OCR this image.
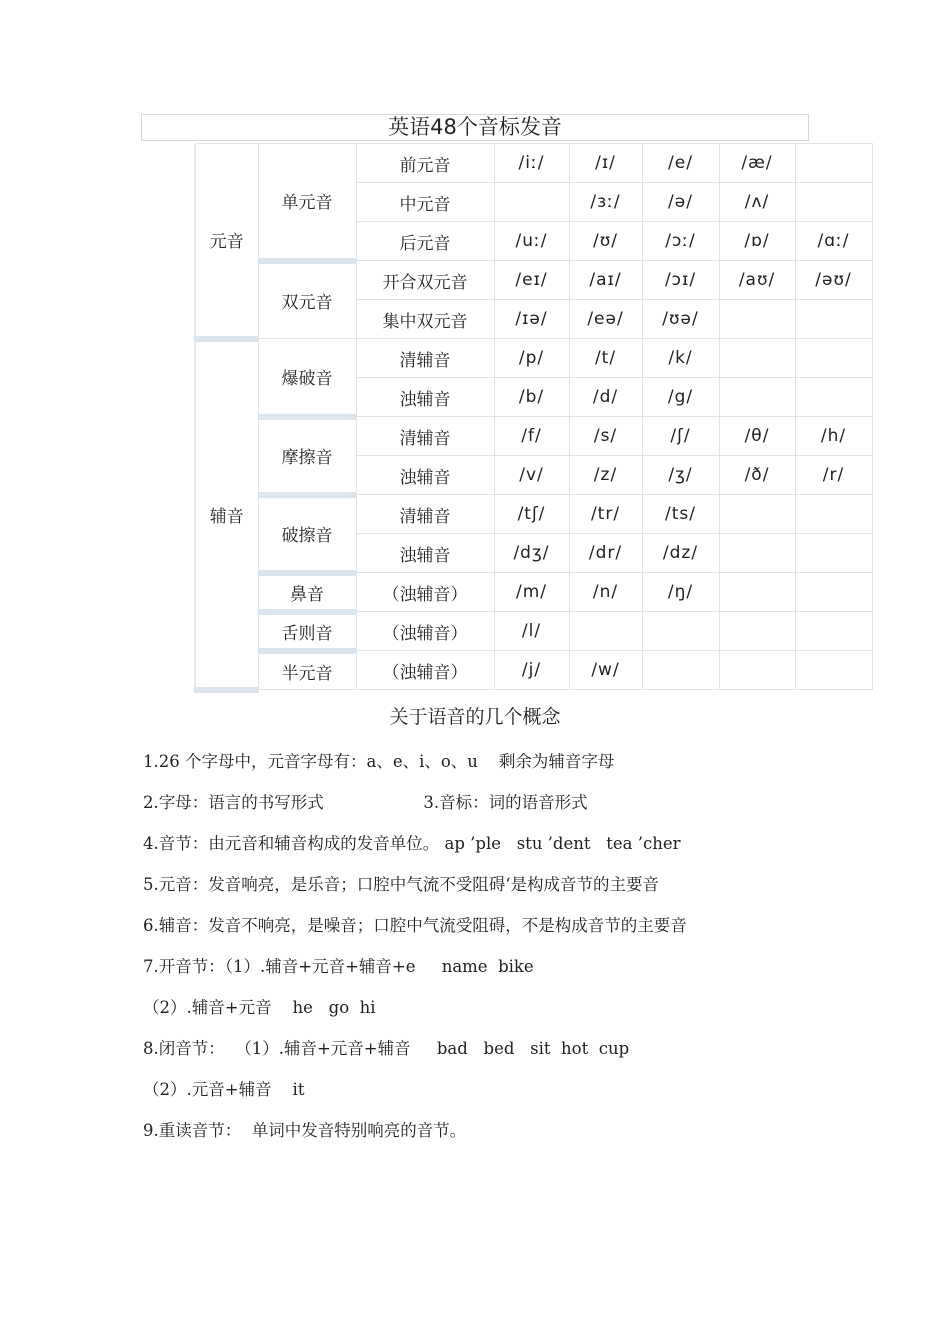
英语48个音标发音
元音	单元音	前元音	/iː/	/ɪ/	/e/	/æ/	
		中元音		/ɜː/	/ə/	/ʌ/	
		后元音	/uː/	/ʊ/	/ɔː/	/ɒ/	/ɑː/
	双元音	开合双元音	/eɪ/	/aɪ/	/ɔɪ/	/aʊ/	/əʊ/
		集中双元音	/ɪə/	/eə/	/ʊə/		
辅音	爆破音	清辅音	/p/	/t/	/k/		
		浊辅音	/b/	/d/	/g/		
	摩擦音	清辅音	/f/	/s/	/ʃ/	/θ/	/h/
		浊辅音	/v/	/z/	/ʒ/	/ð/	/r/
	破擦音	清辅音	/tʃ/	/tr/	/ts/		
		浊辅音	/dʒ/	/dr/	/dz/		
	鼻音	（浊辅音）	/m/	/n/	/ŋ/		
	舌则音	（浊辅音）	/l/				
	半元音	（浊辅音）	/j/	/w/			
关于语音的几个概念
1.26 个字母中，元音字母有：a、e、i、o、u    剩余为辅音字母
2.字母：语言的书写形式                   3.音标：词的语音形式
4.音节：由元音和辅音构成的发音单位。 ap ’ple   stu ’dent   tea ’cher
5.元音：发音响亮，是乐音；口腔中气流不受阻碍‘是构成音节的主要音
6.辅音：发音不响亮，是噪音；口腔中气流受阻碍，不是构成音节的主要音
7.开音节：（1）.辅音+元音+辅音+e     name  bike
（2）.辅音+元音    he   go  hi
8.闭音节：  （1）.辅音+元音+辅音     bad   bed   sit  hot  cup
（2）.元音+辅音    it
9.重读音节：  单词中发音特别响亮的音节。
